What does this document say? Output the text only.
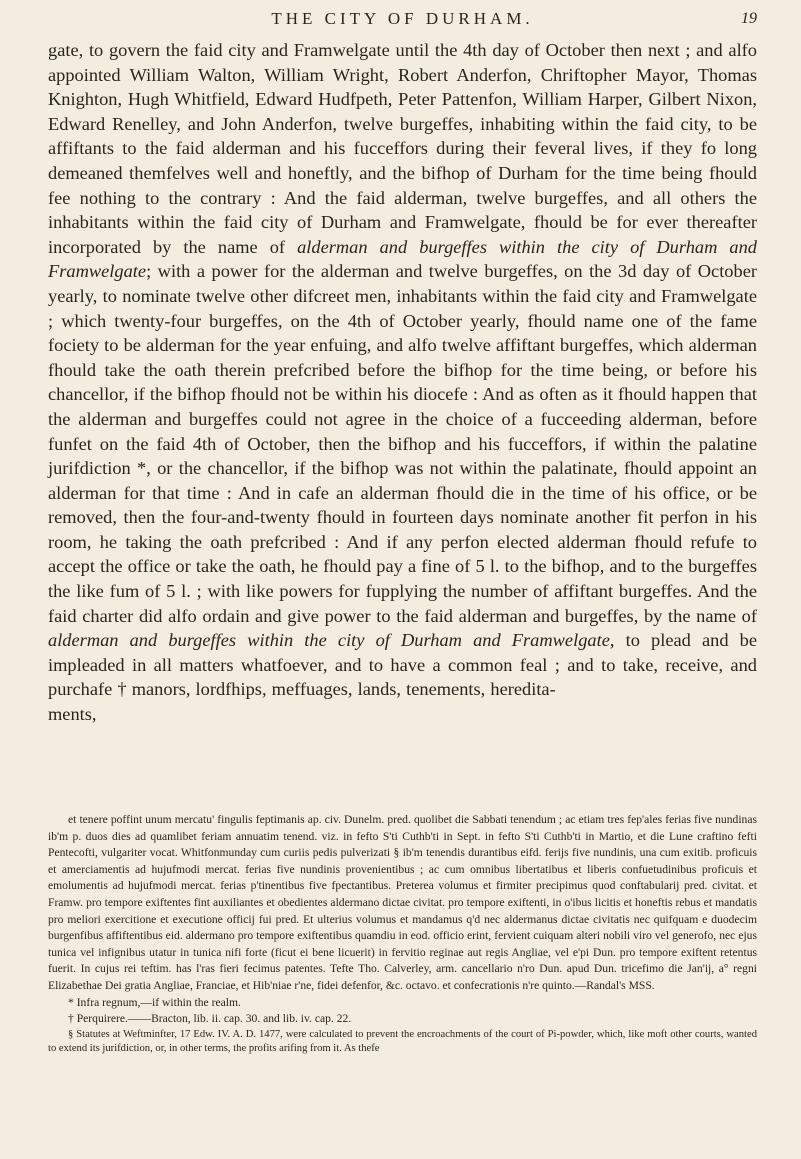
THE CITY OF DURHAM.	19

gate, to govern the faid city and Framwelgate until the 4th day of October then next ; and alfo appointed William Walton, William Wright, Robert Anderfon, Chriftopher Mayor, Thomas Knighton, Hugh Whitfield, Edward Hudfpeth, Peter Pattenfon, William Harper, Gilbert Nixon, Edward Renelley, and John Anderfon, twelve burgeffes, inhabiting within the faid city, to be affiftants to the faid alderman and his fucceffors during their feveral lives, if they fo long demeaned themfelves well and honeftly, and the bifhop of Durham for the time being fhould fee nothing to the contrary : And the faid alderman, twelve burgeffes, and all others the inhabitants within the faid city of Durham and Framwelgate, fhould be for ever thereafter incorporated by the name of alderman and burgeffes within the city of Durham and Framwelgate; with a power for the alderman and twelve burgeffes, on the 3d day of October yearly, to nominate twelve other difcreet men, inhabitants within the faid city and Framwelgate ; which twenty-four burgeffes, on the 4th of October yearly, fhould name one of the fame fociety to be alderman for the year enfuing, and alfo twelve affiftant burgeffes, which alderman fhould take the oath therein prefcribed before the bifhop for the time being, or before his chancellor, if the bifhop fhould not be within his diocefe : And as often as it fhould happen that the alderman and burgeffes could not agree in the choice of a fucceeding alderman, before funfet on the faid 4th of October, then the bifhop and his fucceffors, if within the palatine jurifdiction *, or the chancellor, if the bifhop was not within the palatinate, fhould appoint an alderman for that time : And in cafe an alderman fhould die in the time of his office, or be removed, then the four-and-twenty fhould in fourteen days nominate another fit perfon in his room, he taking the oath prefcribed : And if any perfon elected alderman fhould refufe to accept the office or take the oath, he fhould pay a fine of 5 l. to the bifhop, and to the burgeffes the like fum of 5 l. ; with like powers for fupplying the number of affiftant burgeffes. And the faid charter did alfo ordain and give power to the faid alderman and burgeffes, by the name of alderman and burgeffes within the city of Durham and Framwelgate, to plead and be impleaded in all matters whatfoever, and to have a common feal ; and to take, receive, and purchafe † manors, lordfhips, meffuages, lands, tenements, heredita-

ments,

et tenere poffint unum mercatu' fingulis feptimanis ap. civ. Dunelm. pred. quolibet die Sabbati tenendum ; ac etiam tres fep'ales ferias five nundinas ib'm p. duos dies ad quamlibet feriam annuatim tenend. viz. in fefto S'ti Cuthb'ti in Sept. in fefto S'ti Cuthb'ti in Martio, et die Lune craftino fefti Pentecofti, vulgariter vocat. Whitfonmunday cum curiis pedis pulverizati § ib'm tenendis durantibus eifd. ferijs five nundinis, una cum exitib. proficuis et amerciamentis ad hujufmodi mercat. ferias five nundinis provenientibus ; ac cum omnibus libertatibus et liberis confuetudinibus proficuis et emolumentis ad hujufmodi mercat. ferias p'tinentibus five fpectantibus. Preterea volumus et firmiter precipimus quod conftabularij pred. civitat. et Framw. pro tempore exiftentes fint auxiliantes et obedientes aldermano dictae civitat. pro tempore exiftenti, in o'ibus licitis et honeftis rebus et mandatis pro meliori exercitione et executione officij fui pred. Et ulterius volumus et mandamus q'd nec aldermanus dictae civitatis nec quifquam e duodecim burgenfibus affiftentibus eid. aldermano pro tempore exiftentibus quamdiu in eod. officio erint, fervient cuiquam alteri nobili viro vel generofo, nec ejus tunica vel infignibus utatur in tunica nifi forte (ficut ei bene licuerit) in fervitio reginae aut regis Angliae, vel e'pi Dun. pro tempore exiftent retentus fuerit. In cujus rei teftim. has l'ras fieri fecimus patentes. Tefte Tho. Calverley, arm. cancellario n'ro Dun. apud Dun. tricefimo die Jan'ij, a° regni Elizabethae Dei gratia Angliae, Franciae, et Hib'niae r'ne, fidei defenfor, &c. octavo. et confecrationis n're quinto.—Randal's MSS.

* Infra regnum,—if within the realm.

† Perquirere.——Bracton, lib. ii. cap. 30. and lib. iv. cap. 22.

§ Statutes at Weftminfter, 17 Edw. IV. A. D. 1477, were calculated to prevent the encroachments of the court of Pi-powder, which, like moft other courts, wanted to extend its jurifdiction, or, in other terms, the profits arifing from it. As thefe
